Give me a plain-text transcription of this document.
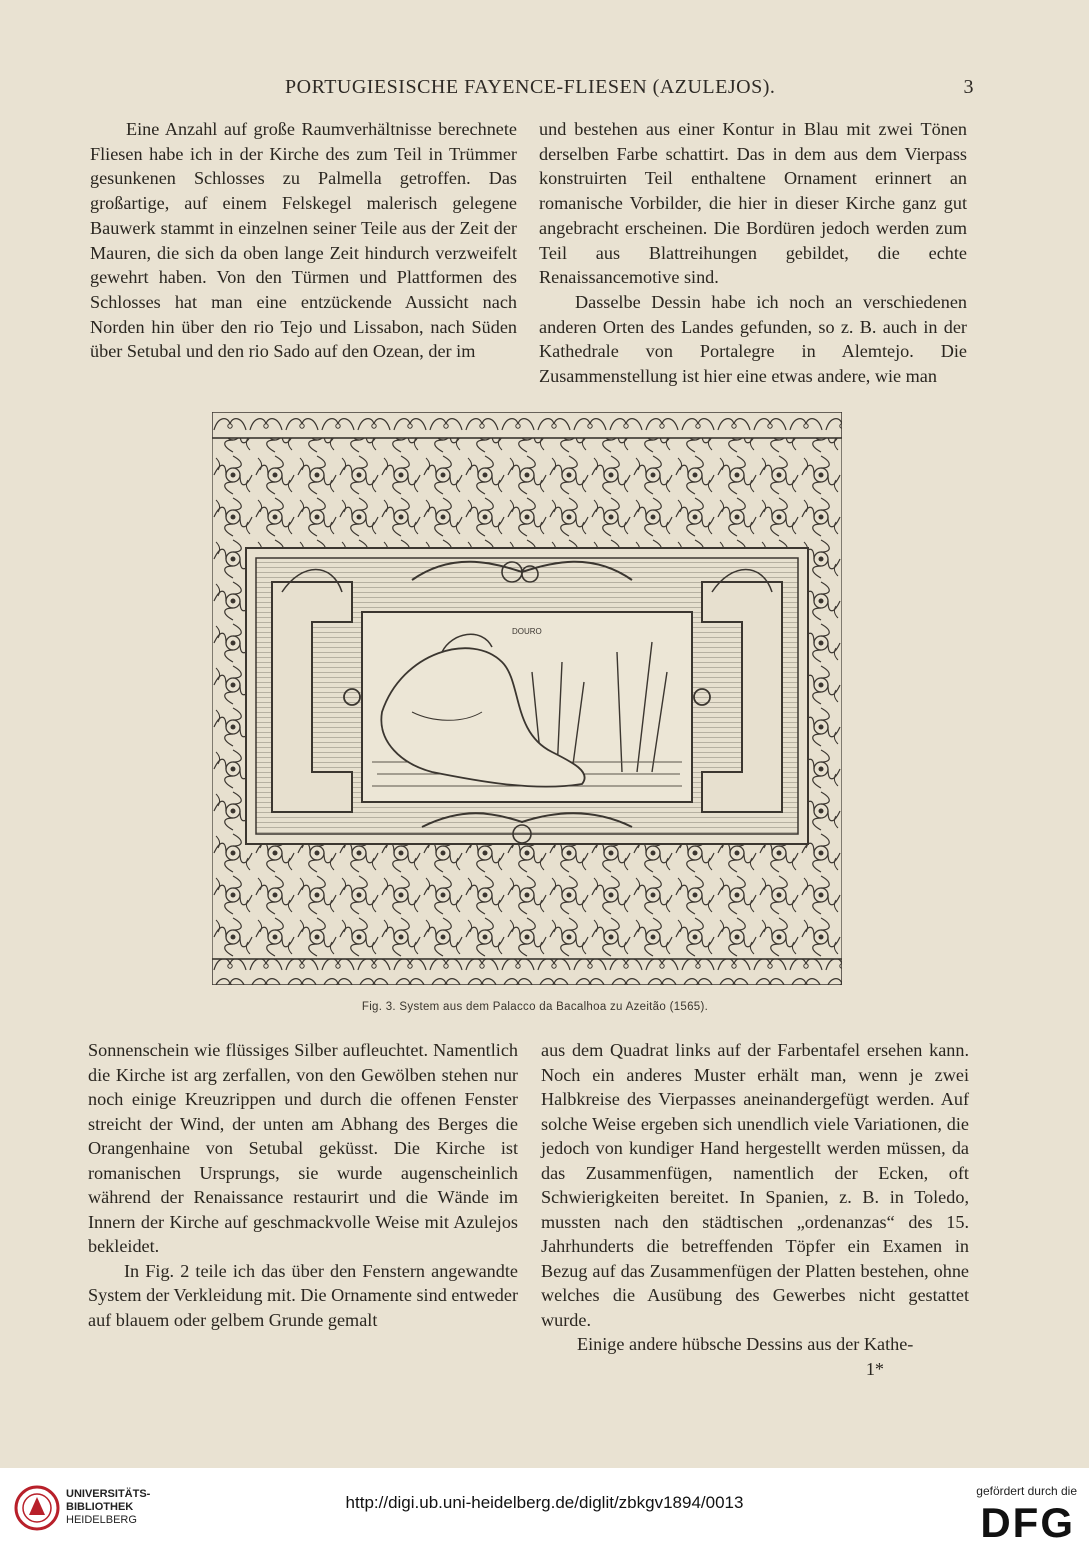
PORTUGIESISCHE FAYENCE-FLIESEN (AZULEJOS).	3

Eine Anzahl auf große Raumverhältnisse berechnete Fliesen habe ich in der Kirche des zum Teil in Trümmer gesunkenen Schlosses zu Palmella getroffen. Das großartige, auf einem Felskegel malerisch gelegene Bauwerk stammt in einzelnen seiner Teile aus der Zeit der Mauren, die sich da oben lange Zeit hindurch verzweifelt gewehrt haben. Von den Türmen und Plattformen des Schlosses hat man eine entzückende Aussicht nach Norden hin über den rio Tejo und Lissabon, nach Süden über Setubal und den rio Sado auf den Ozean, der im

und bestehen aus einer Kontur in Blau mit zwei Tönen derselben Farbe schattirt. Das in dem aus dem Vierpass konstruirten Teil enthaltene Ornament erinnert an romanische Vorbilder, die hier in dieser Kirche ganz gut angebracht erscheinen. Die Bordüren jedoch werden zum Teil aus Blattreihungen gebildet, die echte Renaissancemotive sind.

Dasselbe Dessin habe ich noch an verschiedenen anderen Orten des Landes gefunden, so z. B. auch in der Kathedrale von Portalegre in Alemtejo. Die Zusammenstellung ist hier eine etwas andere, wie man

DOURO
Fig. 3. System aus dem Palacco da Bacalhoa zu Azeitão (1565).

Sonnenschein wie flüssiges Silber aufleuchtet. Namentlich die Kirche ist arg zerfallen, von den Gewölben stehen nur noch einige Kreuzrippen und durch die offenen Fenster streicht der Wind, der unten am Abhang des Berges die Orangenhaine von Setubal geküsst. Die Kirche ist romanischen Ursprungs, sie wurde augenscheinlich während der Renaissance restaurirt und die Wände im Innern der Kirche auf geschmackvolle Weise mit Azulejos bekleidet.

In Fig. 2 teile ich das über den Fenstern angewandte System der Verkleidung mit. Die Ornamente sind entweder auf blauem oder gelbem Grunde gemalt

aus dem Quadrat links auf der Farbentafel ersehen kann. Noch ein anderes Muster erhält man, wenn je zwei Halbkreise des Vierpasses aneinandergefügt werden. Auf solche Weise ergeben sich unendlich viele Variationen, die jedoch von kundiger Hand hergestellt werden müssen, da das Zusammenfügen, namentlich der Ecken, oft Schwierigkeiten bereitet. In Spanien, z. B. in Toledo, mussten nach den städtischen „ordenanzas“ des 15. Jahrhunderts die betreffenden Töpfer ein Examen in Bezug auf das Zusammenfügen der Platten bestehen, ohne welches die Ausübung des Gewerbes nicht gestattet wurde.

Einige andere hübsche Dessins aus der Kathe-

1*

UNIVERSITÄTS-
BIBLIOTHEK
HEIDELBERG
http://digi.ub.uni-heidelberg.de/diglit/zbkgv1894/0013
gefördert durch die
DFG
